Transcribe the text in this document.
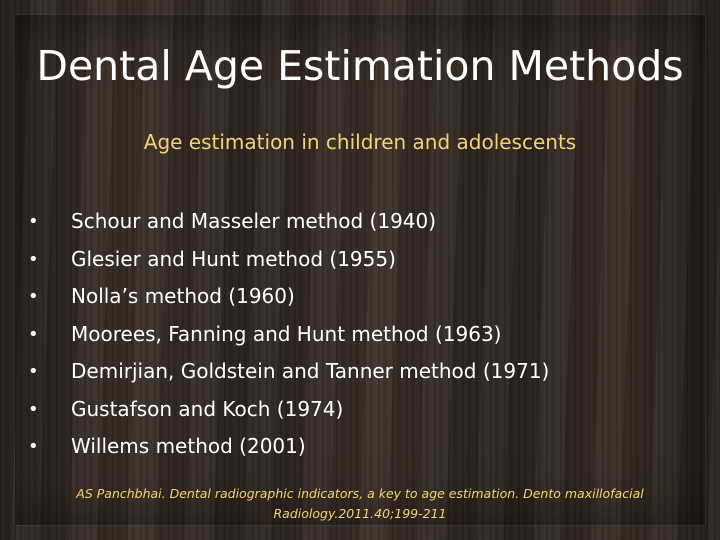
Dental Age Estimation Methods
Age estimation in children and adolescents
• Schour and Masseler method (1940)
• Glesier and Hunt method (1955)
• Nolla’s method (1960)
• Moorees, Fanning and Hunt method (1963)
• Demirjian, Goldstein and Tanner method (1971)
• Gustafson and Koch (1974)
• Willems method (2001)
AS Panchbhai. Dental radiographic indicators, a key to age estimation. Dento maxillofacial
Radiology.2011.40;199-211
